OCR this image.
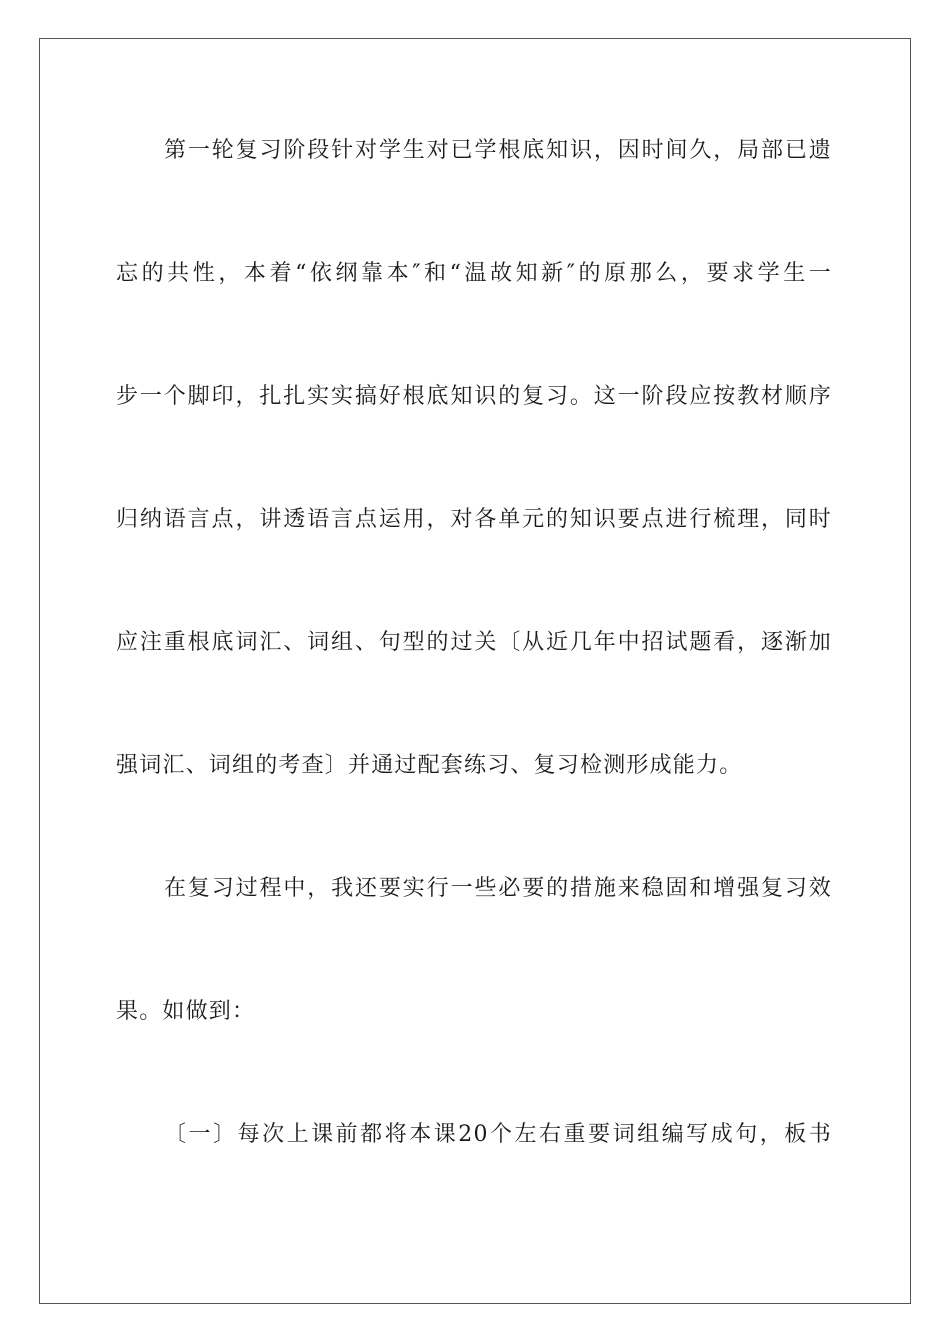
第一轮复习阶段针对学生对已学根底知识，因时间久，局部已遗
忘的共性，本着“依纲靠本″和“温故知新″的原那么，要求学生一
步一个脚印，扎扎实实搞好根底知识的复习。这一阶段应按教材顺序
归纳语言点，讲透语言点运用，对各单元的知识要点进行梳理，同时
应注重根底词汇、词组、句型的过关〔从近几年中招试题看，逐渐加
强词汇、词组的考查〕并通过配套练习、复习检测形成能力。
在复习过程中，我还要实行一些必要的措施来稳固和增强复习效
果。如做到：
〔一〕每次上课前都将本课20个左右重要词组编写成句，板书
